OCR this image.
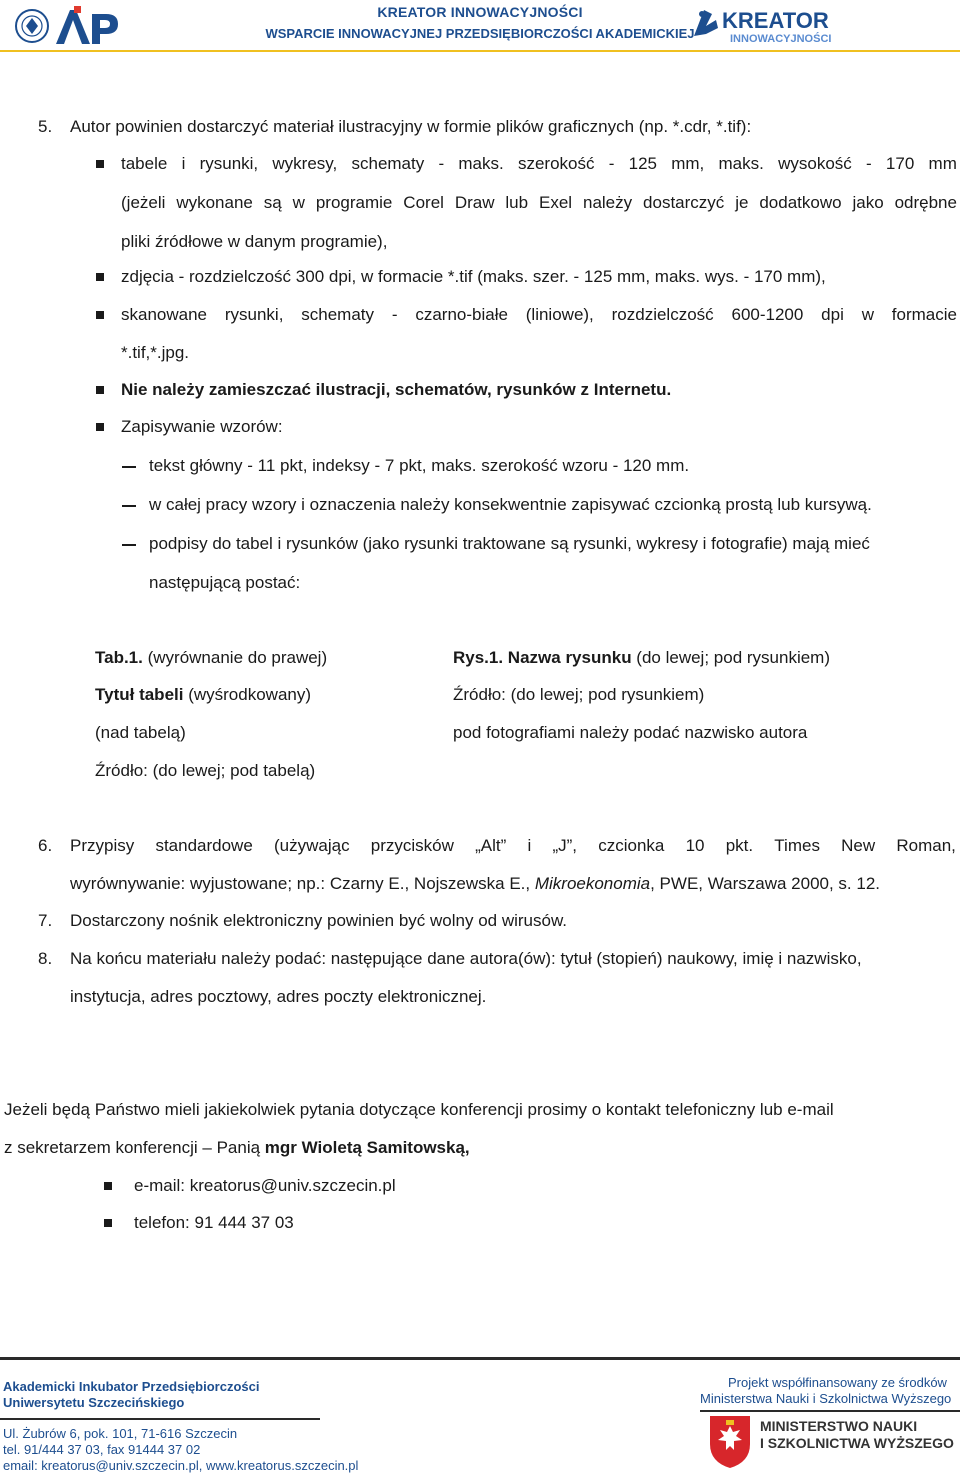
KREATOR INNOWACYJNOŚCI
WSPARCIE INNOWACYJNEJ PRZEDSIĘBIORCZOŚCI AKADEMICKIEJ
KREATOR
INNOWACYJNOŚCI
5. Autor powinien dostarczyć materiał ilustracyjny w formie plików graficznych (np. *.cdr, *.tif):
tabele i rysunki, wykresy, schematy - maks. szerokość - 125 mm, maks. wysokość - 170 mm
(jeżeli wykonane są w programie Corel Draw lub Exel należy dostarczyć je dodatkowo jako odrębne
pliki źródłowe w danym programie),
zdjęcia - rozdzielczość 300 dpi, w formacie *.tif (maks. szer. - 125 mm, maks. wys. - 170 mm),
skanowane rysunki, schematy - czarno-białe (liniowe), rozdzielczość 600-1200 dpi w formacie
*.tif,*.jpg.
Nie należy zamieszczać ilustracji, schematów, rysunków z Internetu.
Zapisywanie wzorów:
tekst główny - 11 pkt, indeksy - 7 pkt, maks. szerokość wzoru - 120 mm.
w całej pracy wzory i oznaczenia należy konsekwentnie zapisywać czcionką prostą lub kursywą.
podpisy do tabel i rysunków (jako rysunki traktowane są rysunki, wykresy i fotografie) mają mieć
następującą postać:
Tab.1. (wyrównanie do prawej)
Tytuł tabeli (wyśrodkowany)
(nad tabelą)
Źródło: (do lewej; pod tabelą)
Rys.1. Nazwa rysunku (do lewej; pod rysunkiem)
Źródło: (do lewej; pod rysunkiem)
pod fotografiami należy podać nazwisko autora
6. Przypisy standardowe (używając przycisków „Alt” i „J”, czcionka 10 pkt. Times New Roman,
wyrównywanie: wyjustowane; np.: Czarny E., Nojszewska E., Mikroekonomia, PWE, Warszawa 2000, s. 12.
7. Dostarczony nośnik elektroniczny powinien być wolny od wirusów.
8. Na końcu materiału należy podać: następujące dane autora(ów): tytuł (stopień) naukowy, imię i nazwisko,
instytucja, adres pocztowy, adres poczty elektronicznej.
Jeżeli będą Państwo mieli jakiekolwiek pytania dotyczące konferencji prosimy o kontakt telefoniczny lub e-mail
z sekretarzem konferencji – Panią mgr Wioletą Samitowską,
e-mail: kreatorus@univ.szczecin.pl
telefon: 91 444 37 03
Akademicki Inkubator Przedsiębiorczości
Uniwersytetu Szczecińskiego
Ul. Żubrów 6, pok. 101, 71-616 Szczecin
tel. 91/444 37 03, fax 91444 37 02
email: kreatorus@univ.szczecin.pl, www.kreatorus.szczecin.pl
Projekt współfinansowany ze środków
Ministerstwa Nauki i Szkolnictwa Wyższego
MINISTERSTWO NAUKI
I SZKOLNICTWA WYŻSZEGO
